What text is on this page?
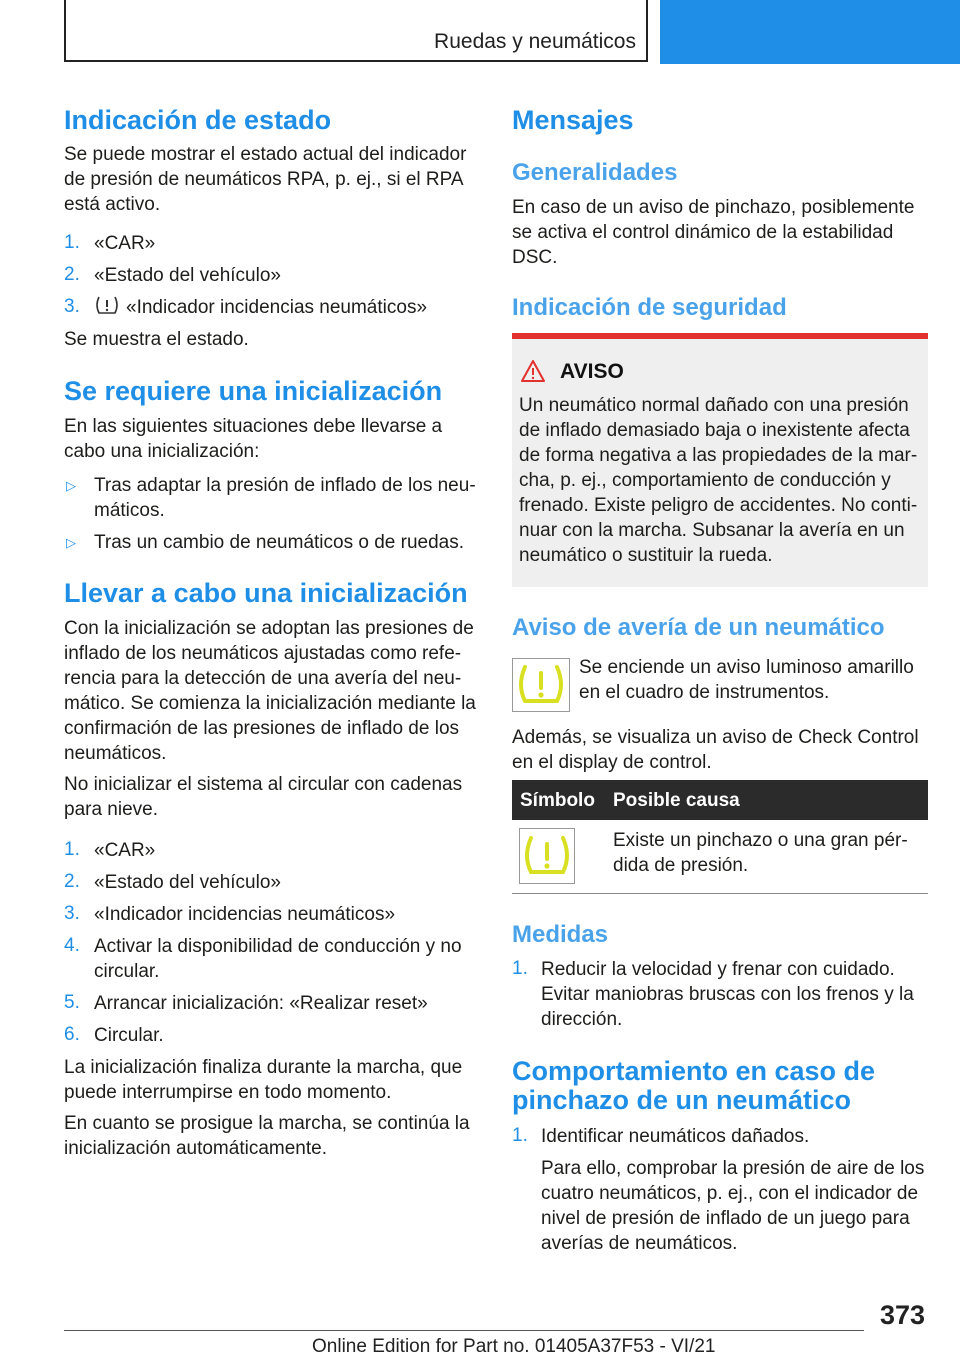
Ruedas y neumáticos
MOVILIDAD
Indicación de estado
Se puede mostrar el estado actual del indicador
de presión de neumáticos RPA, p. ej., si el RPA
está activo.
1. «CAR»
2. «Estado del vehículo»
3. «Indicador incidencias neumáticos»
Se muestra el estado.
Se requiere una inicialización
En las siguientes situaciones debe llevarse a
cabo una inicialización:
▷ Tras adaptar la presión de inflado de los neu-
máticos.
▷ Tras un cambio de neumáticos o de ruedas.
Llevar a cabo una inicialización
Con la inicialización se adoptan las presiones de
inflado de los neumáticos ajustadas como refe-
rencia para la detección de una avería del neu-
mático. Se comienza la inicialización mediante la
confirmación de las presiones de inflado de los
neumáticos.
No inicializar el sistema al circular con cadenas
para nieve.
1. «CAR»
2. «Estado del vehículo»
3. «Indicador incidencias neumáticos»
4. Activar la disponibilidad de conducción y no
circular.
5. Arrancar inicialización: «Realizar reset»
6. Circular.
La inicialización finaliza durante la marcha, que
puede interrumpirse en todo momento.
En cuanto se prosigue la marcha, se continúa la
inicialización automáticamente.
Mensajes
Generalidades
En caso de un aviso de pinchazo, posiblemente
se activa el control dinámico de la estabilidad
DSC.
Indicación de seguridad
AVISO
Un neumático normal dañado con una presión
de inflado demasiado baja o inexistente afecta
de forma negativa a las propiedades de la mar-
cha, p. ej., comportamiento de conducción y
frenado. Existe peligro de accidentes. No conti-
nuar con la marcha. Subsanar la avería en un
neumático o sustituir la rueda.
Aviso de avería de un neumático
Se enciende un aviso luminoso amarillo
en el cuadro de instrumentos.
Además, se visualiza un aviso de Check Control
en el display de control.
Símbolo Posible causa
Existe un pinchazo o una gran pér-
dida de presión.
Medidas
1. Reducir la velocidad y frenar con cuidado.
Evitar maniobras bruscas con los frenos y la
dirección.
Comportamiento en caso de
pinchazo de un neumático
1. Identificar neumáticos dañados.
Para ello, comprobar la presión de aire de los
cuatro neumáticos, p. ej., con el indicador de
nivel de presión de inflado de un juego para
averías de neumáticos.
373
Online Edition for Part no. 01405A37F53 - VI/21
